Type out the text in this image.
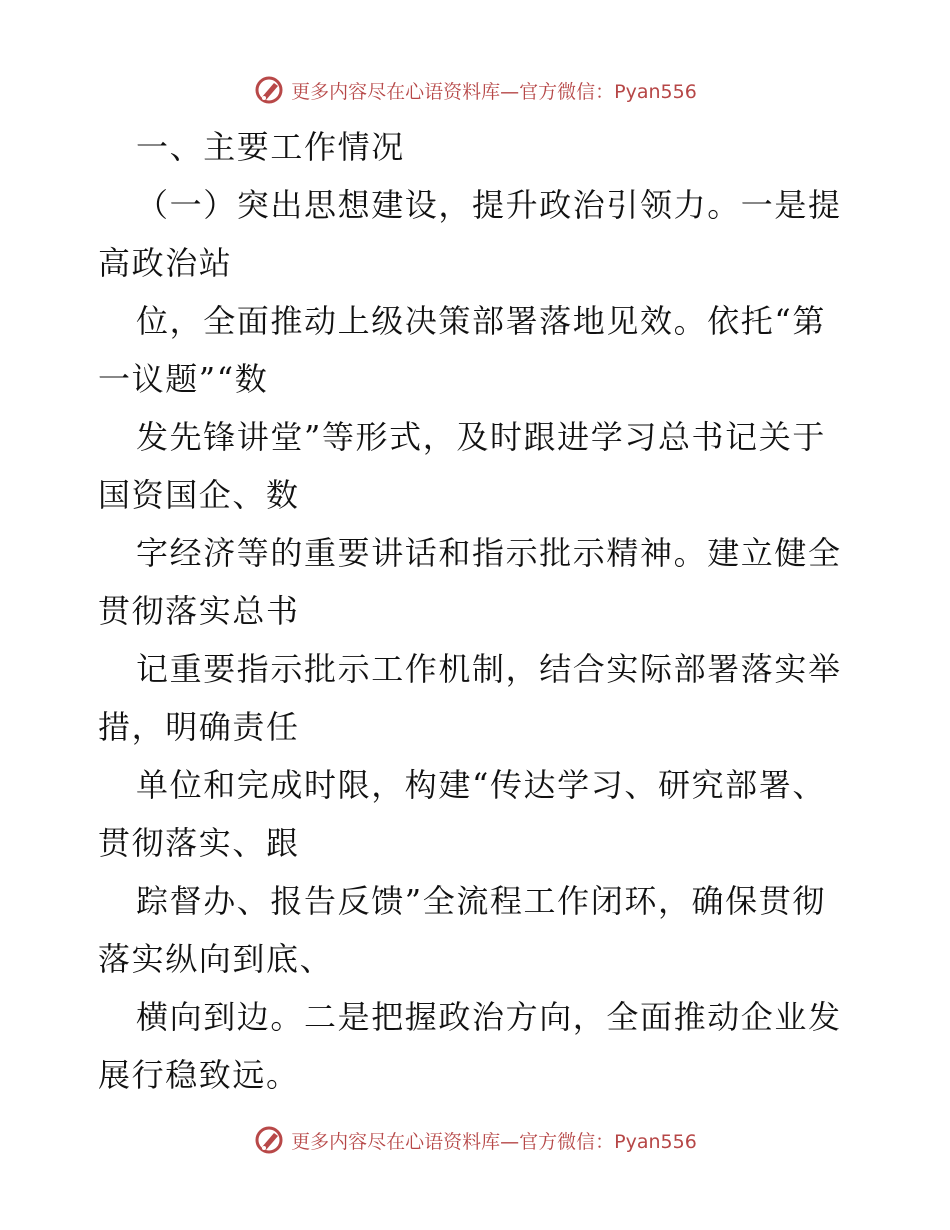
更多内容尽在心语资料库—官方微信：Pyan556
一、主要工作情况
（一）突出思想建设，提升政治引领力。一是提
高政治站
位，全面推动上级决策部署落地见效。依托“第
一议题”“数
发先锋讲堂”等形式，及时跟进学习总书记关于
国资国企、数
字经济等的重要讲话和指示批示精神。建立健全
贯彻落实总书
记重要指示批示工作机制，结合实际部署落实举
措，明确责任
单位和完成时限，构建“传达学习、研究部署、
贯彻落实、跟
踪督办、报告反馈”全流程工作闭环，确保贯彻
落实纵向到底、
横向到边。二是把握政治方向，全面推动企业发
展行稳致远。
更多内容尽在心语资料库—官方微信：Pyan556
